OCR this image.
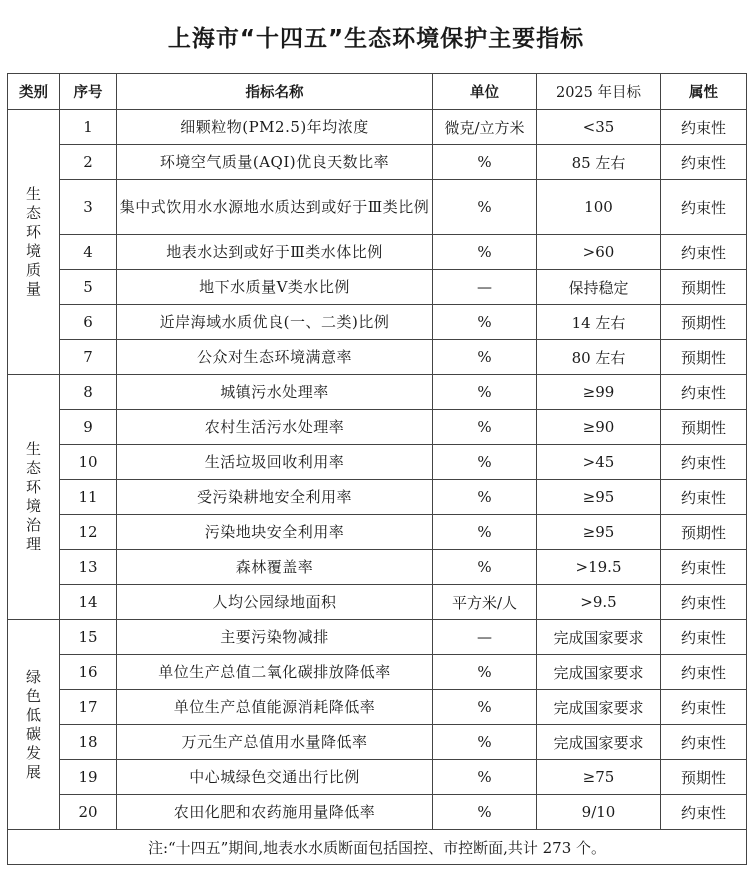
上海市“十四五”生态环境保护主要指标
类别	序号	指标名称	单位	2025 年目标	属性
生态环境质量	1	细颗粒物(PM2.5)年均浓度	微克/立方米	<35	约束性
	2	环境空气质量(AQI)优良天数比率	%	85 左右	约束性
	3	集中式饮用水水源地水质达到或好于Ⅲ类比例	%	100	约束性
	4	地表水达到或好于Ⅲ类水体比例	%	>60	约束性
	5	地下水质量Ⅴ类水比例	—	保持稳定	预期性
	6	近岸海域水质优良(一、二类)比例	%	14 左右	预期性
	7	公众对生态环境满意率	%	80 左右	预期性
生态环境治理	8	城镇污水处理率	%	≥99	约束性
	9	农村生活污水处理率	%	≥90	预期性
	10	生活垃圾回收利用率	%	>45	约束性
	11	受污染耕地安全利用率	%	≥95	约束性
	12	污染地块安全利用率	%	≥95	预期性
	13	森林覆盖率	%	>19.5	约束性
	14	人均公园绿地面积	平方米/人	>9.5	约束性
绿色低碳发展	15	主要污染物减排	—	完成国家要求	约束性
	16	单位生产总值二氧化碳排放降低率	%	完成国家要求	约束性
	17	单位生产总值能源消耗降低率	%	完成国家要求	约束性
	18	万元生产总值用水量降低率	%	完成国家要求	约束性
	19	中心城绿色交通出行比例	%	≥75	预期性
	20	农田化肥和农药施用量降低率	%	9/10	约束性
注:“十四五”期间,地表水水质断面包括国控、市控断面,共计 273 个。					
